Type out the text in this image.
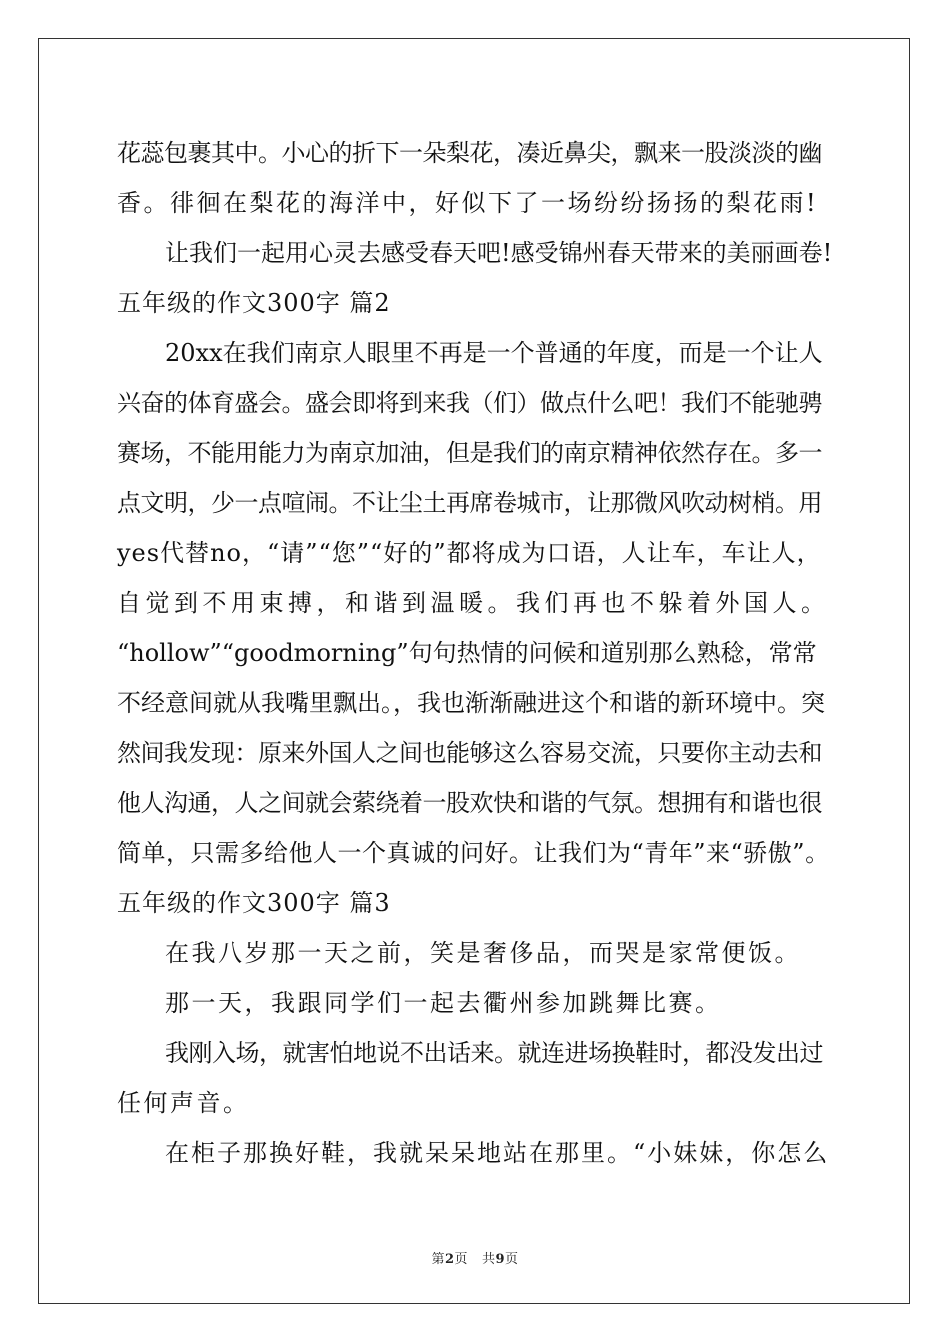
花蕊包裹其中。小心的折下一朵梨花，凑近鼻尖，飘来一股淡淡的幽
香。徘徊在梨花的海洋中，好似下了一场纷纷扬扬的梨花雨!
让我们一起用心灵去感受春天吧!感受锦州春天带来的美丽画卷!
五年级的作文300字 篇2
20xx在我们南京人眼里不再是一个普通的年度，而是一个让人
兴奋的体育盛会。盛会即将到来我（们）做点什么吧！我们不能驰骋
赛场，不能用能力为南京加油，但是我们的南京精神依然存在。多一
点文明，少一点喧闹。不让尘土再席卷城市，让那微风吹动树梢。用
yes代替no，“请”“您”“好的”都将成为口语，人让车，车让人，
自觉到不用束搏，和谐到温暖。我们再也不躲着外国人。
“hollow”“goodmorning”句句热情的问候和道别那么熟稔，常常
不经意间就从我嘴里飘出。，我也渐渐融进这个和谐的新环境中。突
然间我发现：原来外国人之间也能够这么容易交流，只要你主动去和
他人沟通，人之间就会萦绕着一股欢快和谐的气氛。想拥有和谐也很
简单，只需多给他人一个真诚的问好。让我们为“青年”来“骄傲”。
五年级的作文300字 篇3
在我八岁那一天之前，笑是奢侈品，而哭是家常便饭。
那一天，我跟同学们一起去衢州参加跳舞比赛。
我刚入场，就害怕地说不出话来。就连进场换鞋时，都没发出过
任何声音。
在柜子那换好鞋，我就呆呆地站在那里。“小妹妹，你怎么
第2页   共9页
